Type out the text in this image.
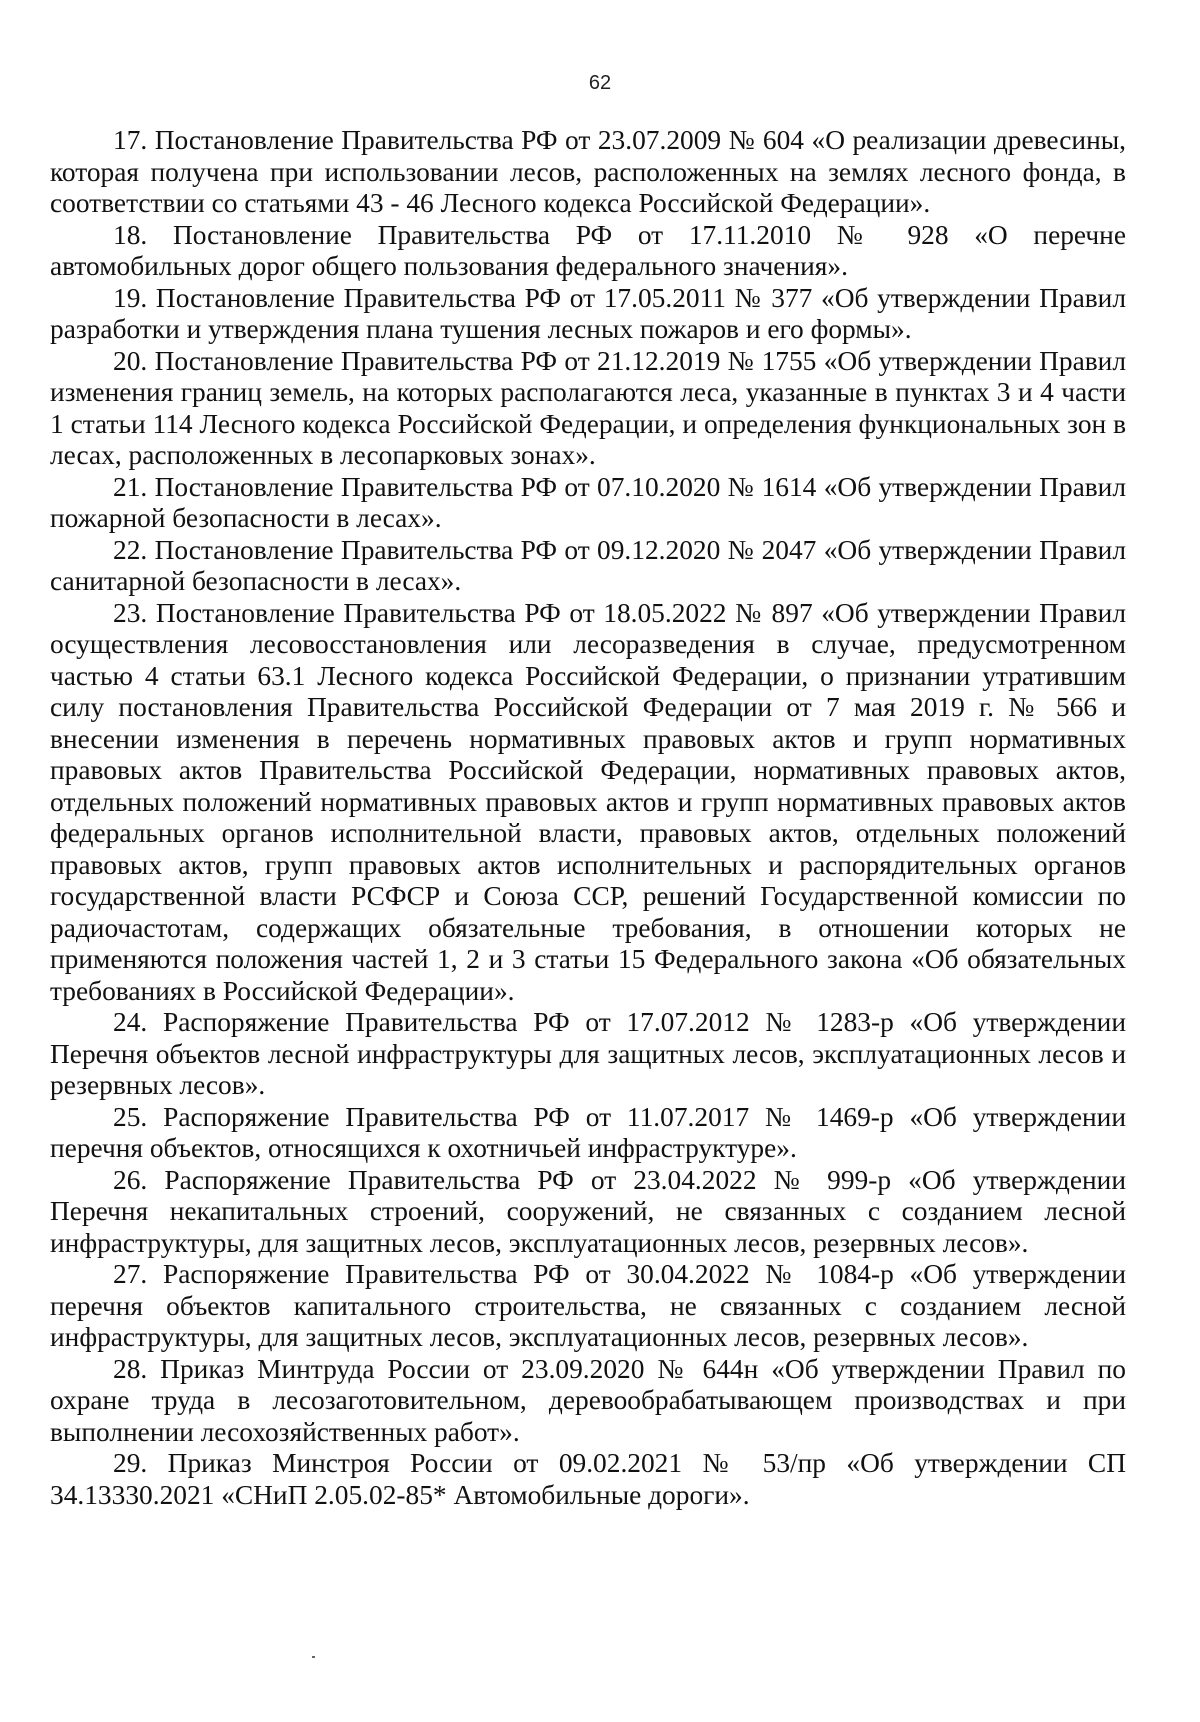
62

17. Постановление Правительства РФ от 23.07.2009 № 604 «О реализации древесины, которая получена при использовании лесов, расположенных на землях лесного фонда, в соответствии со статьями 43 - 46 Лесного кодекса Российской Федерации».

18. Постановление Правительства РФ от 17.11.2010 № 928 «О перечне автомобильных дорог общего пользования федерального значения».

19. Постановление Правительства РФ от 17.05.2011 № 377 «Об утверждении Правил разработки и утверждения плана тушения лесных пожаров и его формы».

20. Постановление Правительства РФ от 21.12.2019 № 1755 «Об утверждении Правил изменения границ земель, на которых располагаются леса, указанные в пунктах 3 и 4 части 1 статьи 114 Лесного кодекса Российской Федерации, и определения функциональных зон в лесах, расположенных в лесопарковых зонах».

21. Постановление Правительства РФ от 07.10.2020 № 1614 «Об утверждении Правил пожарной безопасности в лесах».

22. Постановление Правительства РФ от 09.12.2020 № 2047 «Об утверждении Правил санитарной безопасности в лесах».

23. Постановление Правительства РФ от 18.05.2022 № 897 «Об утверждении Правил осуществления лесовосстановления или лесоразведения в случае, предусмотренном частью 4 статьи 63.1 Лесного кодекса Российской Федерации, о признании утратившим силу постановления Правительства Российской Федерации от 7 мая 2019 г. № 566 и внесении изменения в перечень нормативных правовых актов и групп нормативных правовых актов Правительства Российской Федерации, нормативных правовых актов, отдельных положений нормативных правовых актов и групп нормативных правовых актов федеральных органов исполнительной власти, правовых актов, отдельных положений правовых актов, групп правовых актов исполнительных и распорядительных органов государственной власти РСФСР и Союза ССР, решений Государственной комиссии по радиочастотам, содержащих обязательные требования, в отношении которых не применяются положения частей 1, 2 и 3 статьи 15 Федерального закона «Об обязательных требованиях в Российской Федерации».

24. Распоряжение Правительства РФ от 17.07.2012 № 1283-р «Об утверждении Перечня объектов лесной инфраструктуры для защитных лесов, эксплуатационных лесов и резервных лесов».

25. Распоряжение Правительства РФ от 11.07.2017 № 1469-р «Об утверждении перечня объектов, относящихся к охотничьей инфраструктуре».

26. Распоряжение Правительства РФ от 23.04.2022 № 999-р «Об утверждении Перечня некапитальных строений, сооружений, не связанных с созданием лесной инфраструктуры, для защитных лесов, эксплуатационных лесов, резервных лесов».

27. Распоряжение Правительства РФ от 30.04.2022 № 1084-р «Об утверждении перечня объектов капитального строительства, не связанных с созданием лесной инфраструктуры, для защитных лесов, эксплуатационных лесов, резервных лесов».

28. Приказ Минтруда России от 23.09.2020 № 644н «Об утверждении Правил по охране труда в лесозаготовительном, деревообрабатывающем производствах и при выполнении лесохозяйственных работ».

29. Приказ Минстроя России от 09.02.2021 № 53/пр «Об утверждении СП 34.13330.2021 «СНиП 2.05.02-85* Автомобильные дороги».
